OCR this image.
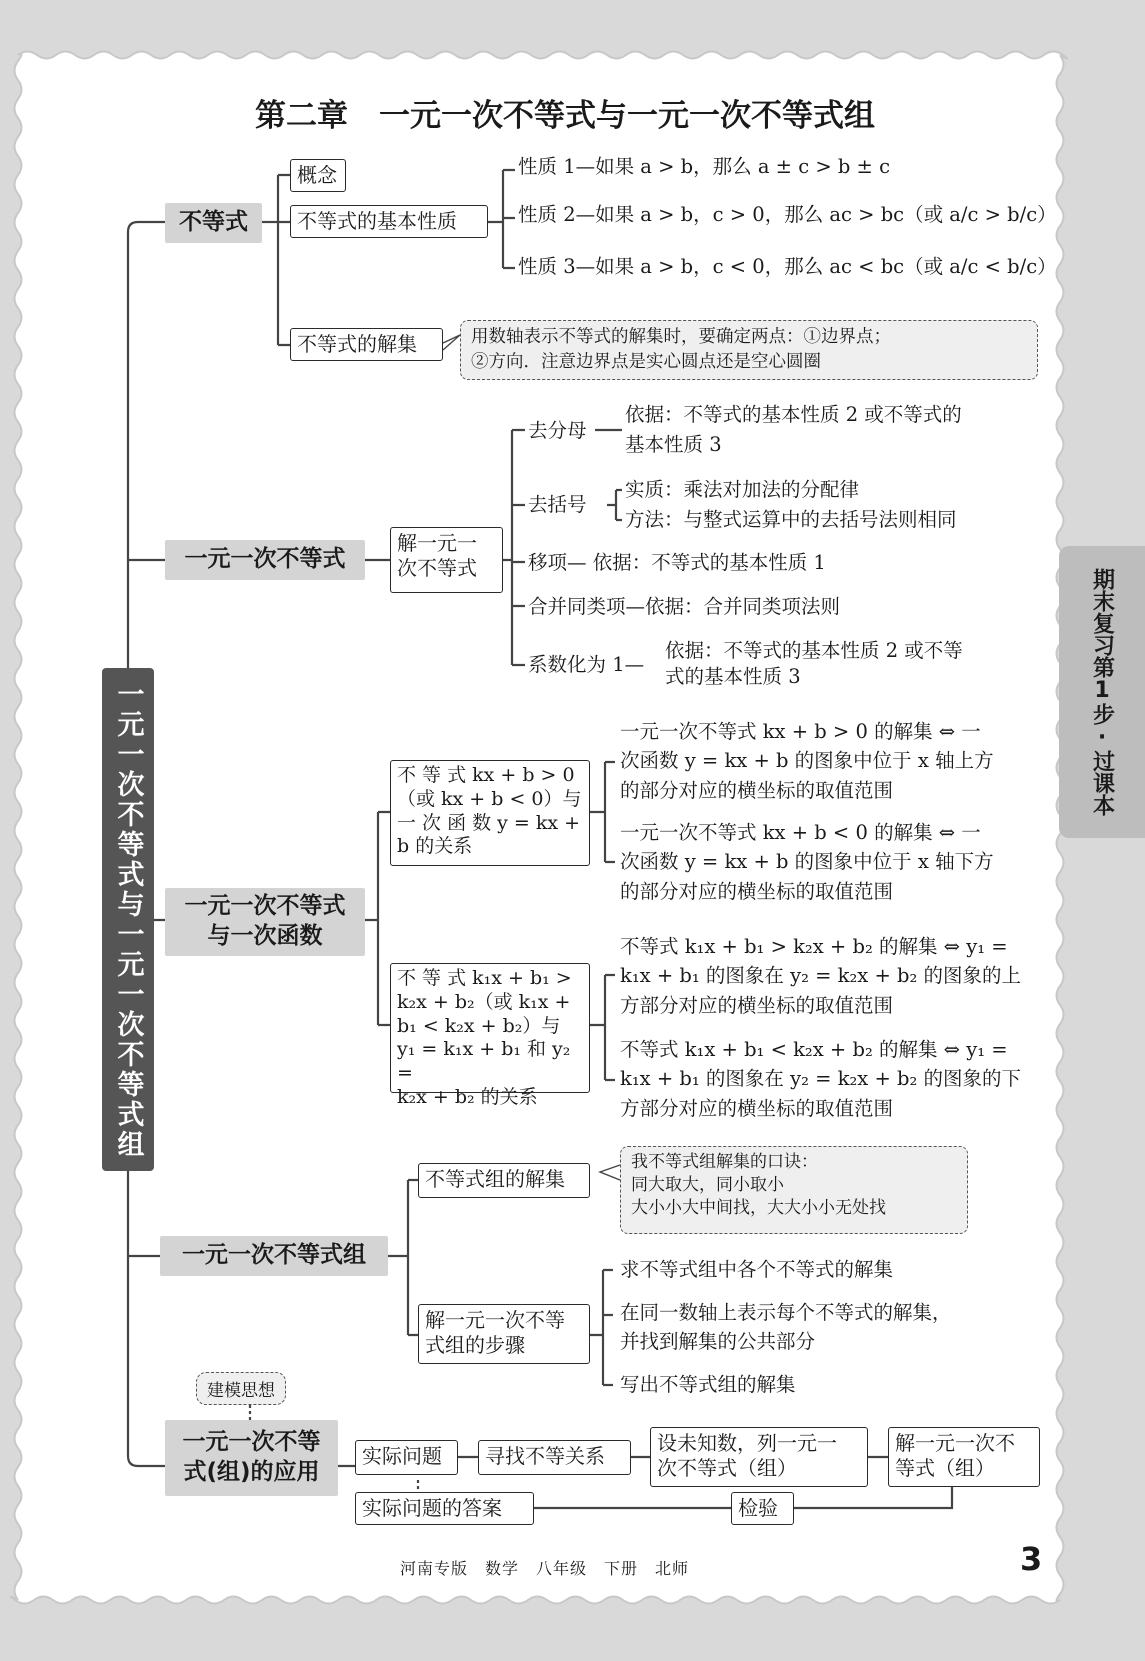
第二章　一元一次不等式与一元一次不等式组
一元一次不等式与一元一次不等式组
不等式
概念
不等式的基本性质
不等式的解集
性质 1—如果 a > b，那么 a ± c > b ± c
性质 2—如果 a > b，c > 0，那么 ac > bc（或 a/c > b/c）
性质 3—如果 a > b，c < 0，那么 ac < bc（或 a/c < b/c）
用数轴表示不等式的解集时，要确定两点：①边界点；
②方向．注意边界点是实心圆点还是空心圆圈
一元一次不等式
解一元一
次不等式
去分母
依据：不等式的基本性质 2 或不等式的
基本性质 3
去括号
实质：乘法对加法的分配律
方法：与整式运算中的去括号法则相同
移项— 依据：不等式的基本性质 1
合并同类项—依据：合并同类项法则
系数化为 1—
依据：不等式的基本性质 2 或不等
式的基本性质 3
一元一次不等式
与一次函数
不 等 式 kx + b > 0
（或 kx + b < 0）与
一 次 函 数 y = kx +
b 的关系
一元一次不等式 kx + b > 0 的解集 ⇔ 一
次函数 y = kx + b 的图象中位于 x 轴上方
的部分对应的横坐标的取值范围
一元一次不等式 kx + b < 0 的解集 ⇔ 一
次函数 y = kx + b 的图象中位于 x 轴下方
的部分对应的横坐标的取值范围
不 等 式 k₁x + b₁ >
k₂x + b₂（或 k₁x +
b₁ < k₂x + b₂）与
y₁ = k₁x + b₁ 和 y₂ =
k₂x + b₂ 的关系
不等式 k₁x + b₁ > k₂x + b₂ 的解集 ⇔ y₁ =
k₁x + b₁ 的图象在 y₂ = k₂x + b₂ 的图象的上
方部分对应的横坐标的取值范围
不等式 k₁x + b₁ < k₂x + b₂ 的解集 ⇔ y₁ =
k₁x + b₁ 的图象在 y₂ = k₂x + b₂ 的图象的下
方部分对应的横坐标的取值范围
一元一次不等式组
不等式组的解集
我不等式组解集的口诀：
同大取大，同小取小
大小小大中间找，大大小小无处找
解一元一次不等
式组的步骤
求不等式组中各个不等式的解集
在同一数轴上表示每个不等式的解集，
并找到解集的公共部分
写出不等式组的解集
建模思想
一元一次不等
式(组)的应用
实际问题	寻找不等关系
设未知数，列一元一
次不等式（组）
解一元一次不
等式（组）
检验
实际问题的答案
期末复习第1步·过课本
河南专版　数学　八年级　下册　北师	3
